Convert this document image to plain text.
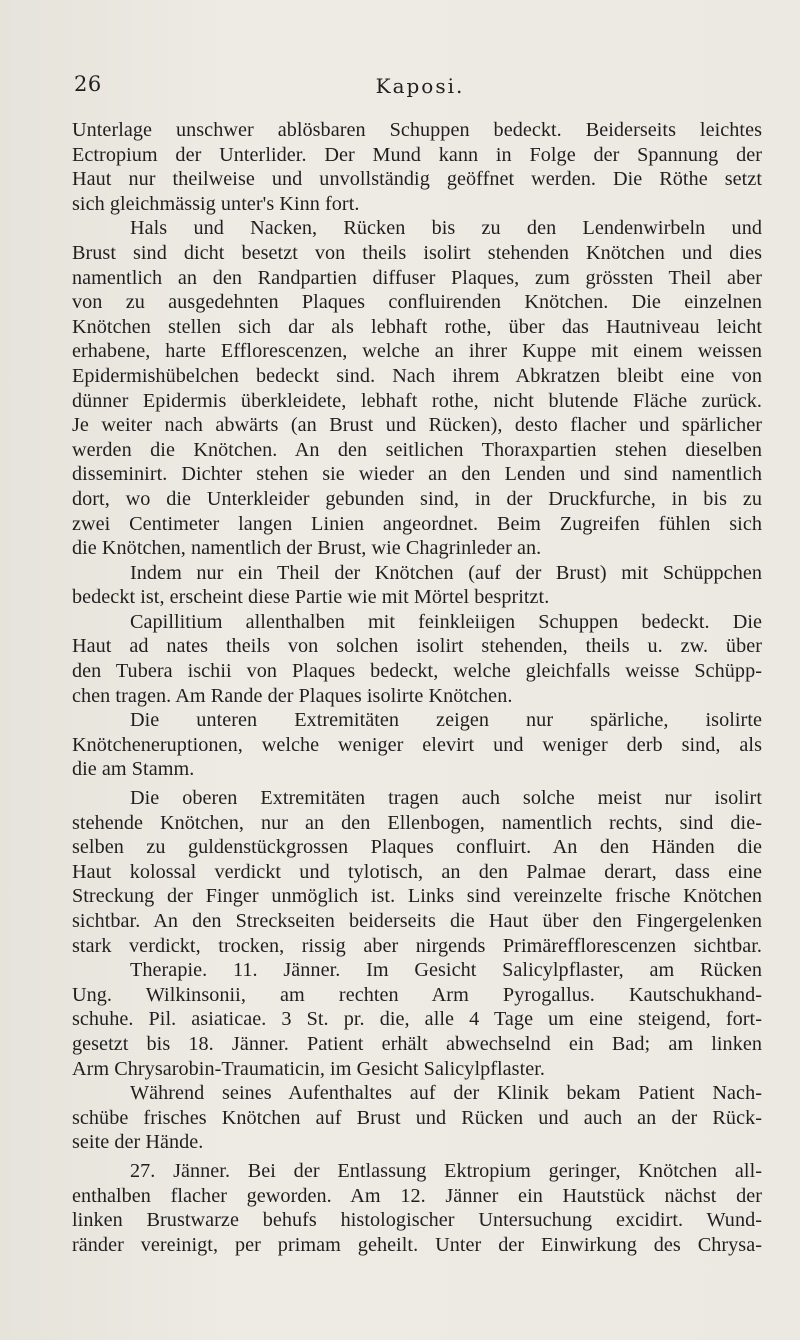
26	Kaposi.
Unterlage unschwer ablösbaren Schuppen bedeckt. Beiderseits leichtes
Ectropium der Unterlider. Der Mund kann in Folge der Spannung der
Haut nur theilweise und unvollständig geöffnet werden. Die Röthe setzt
sich gleichmässig unter's Kinn fort.
Hals und Nacken, Rücken bis zu den Lendenwirbeln und
Brust sind dicht besetzt von theils isolirt stehenden Knötchen und dies
namentlich an den Randpartien diffuser Plaques, zum grössten Theil aber
von zu ausgedehnten Plaques confluirenden Knötchen. Die einzelnen
Knötchen stellen sich dar als lebhaft rothe, über das Hautniveau leicht
erhabene, harte Efflorescenzen, welche an ihrer Kuppe mit einem weissen
Epidermishübelchen bedeckt sind. Nach ihrem Abkratzen bleibt eine von
dünner Epidermis überkleidete, lebhaft rothe, nicht blutende Fläche zurück.
Je weiter nach abwärts (an Brust und Rücken), desto flacher und spärlicher
werden die Knötchen. An den seitlichen Thoraxpartien stehen dieselben
disseminirt. Dichter stehen sie wieder an den Lenden und sind namentlich
dort, wo die Unterkleider gebunden sind, in der Druckfurche, in bis zu
zwei Centimeter langen Linien angeordnet. Beim Zugreifen fühlen sich
die Knötchen, namentlich der Brust, wie Chagrinleder an.
Indem nur ein Theil der Knötchen (auf der Brust) mit Schüppchen
bedeckt ist, erscheint diese Partie wie mit Mörtel bespritzt.
Capillitium allenthalben mit feinkleiigen Schuppen bedeckt. Die
Haut ad nates theils von solchen isolirt stehenden, theils u. zw. über
den Tubera ischii von Plaques bedeckt, welche gleichfalls weisse Schüpp-
chen tragen. Am Rande der Plaques isolirte Knötchen.
Die unteren Extremitäten zeigen nur spärliche, isolirte
Knötcheneruptionen, welche weniger elevirt und weniger derb sind, als
die am Stamm.
Die oberen Extremitäten tragen auch solche meist nur isolirt
stehende Knötchen, nur an den Ellenbogen, namentlich rechts, sind die-
selben zu guldenstückgrossen Plaques confluirt. An den Händen die
Haut kolossal verdickt und tylotisch, an den Palmae derart, dass eine
Streckung der Finger unmöglich ist. Links sind vereinzelte frische Knötchen
sichtbar. An den Streckseiten beiderseits die Haut über den Fingergelenken
stark verdickt, trocken, rissig aber nirgends Primärefflorescenzen sichtbar.
Therapie. 11. Jänner. Im Gesicht Salicylpflaster, am Rücken
Ung. Wilkinsonii, am rechten Arm Pyrogallus. Kautschukhand-
schuhe. Pil. asiaticae. 3 St. pr. die, alle 4 Tage um eine steigend, fort-
gesetzt bis 18. Jänner. Patient erhält abwechselnd ein Bad; am linken
Arm Chrysarobin-Traumaticin, im Gesicht Salicylpflaster.
Während seines Aufenthaltes auf der Klinik bekam Patient Nach-
schübe frisches Knötchen auf Brust und Rücken und auch an der Rück-
seite der Hände.
27. Jänner. Bei der Entlassung Ektropium geringer, Knötchen all-
enthalben flacher geworden. Am 12. Jänner ein Hautstück nächst der
linken Brustwarze behufs histologischer Untersuchung excidirt. Wund-
ränder vereinigt, per primam geheilt. Unter der Einwirkung des Chrysa-
